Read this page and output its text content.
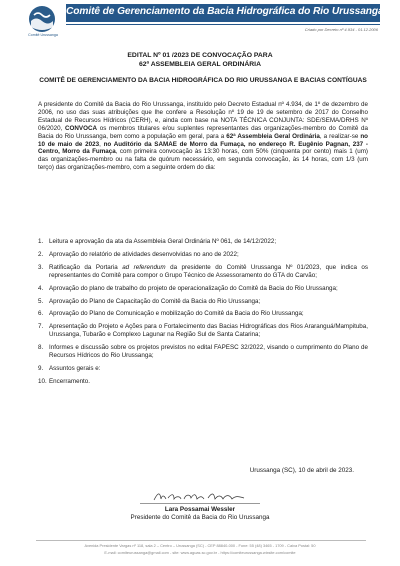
Comitê Urussanga
Comitê de Gerenciamento da Bacia Hidrográfica do Rio Urussanga
Criado por Decreto nº 4.934 - 01.12.2006
EDITAL Nº 01 /2023 DE CONVOCAÇÃO PARA
62ª ASSEMBLEIA GERAL ORDINÁRIA
COMITÊ DE GERENCIAMENTO DA BACIA HIDROGRÁFICA DO RIO URUSSANGA E BACIAS CONTÍGUAS

A presidente do Comitê da Bacia do Rio Urussanga, instituído pelo Decreto Estadual nº 4.934, de 1º de dezembro de 2006, no uso das suas atribuições que lhe confere a Resolução nº 19 de 19 de setembro de 2017 do Conselho Estadual de Recursos Hídricos (CERH), e, ainda com base na NOTA TÉCNICA CONJUNTA: SDE/SEMA/DRHS Nº 06/2020, CONVOCA os membros titulares e/ou suplentes representantes das organizações-membro do Comitê da Bacia do Rio Urussanga, bem como a população em geral, para a 62ª Assembleia Geral Ordinária, a realizar-se no 10 de maio de 2023, no Auditório da SAMAE de Morro da Fumaça, no endereço R. Eugênio Pagnan, 237 - Centro, Morro da Fumaça, com primeira convocação às 13:30 horas, com 50% (cinquenta por cento) mais 1 (um) das organizações-membro ou na falta de quórum necessário, em segunda convocação, às 14 horas, com 1/3 (um terço) das organizações-membro, com a seguinte ordem do dia:

1. Leitura e aprovação da ata da Assembleia Geral Ordinária Nº 061, de 14/12/2022;
2. Aprovação do relatório de atividades desenvolvidas no ano de 2022;
3. Ratificação da Portaria ad referendum da presidente do Comitê Urussanga Nº 01/2023, que indica os representantes do Comitê para compor o Grupo Técnico de Assessoramento do GTA do Carvão;
4. Aprovação do plano de trabalho do projeto de operacionalização do Comitê da Bacia do Rio Urussanga;
5. Aprovação do Plano de Capacitação do Comitê da Bacia do Rio Urussanga;
6. Aprovação do Plano de Comunicação e mobilização do Comitê da Bacia do Rio Urussanga;
7. Apresentação do Projeto e Ações para o Fortalecimento das Bacias Hidrográficas dos Rios Araranguá/Mampituba, Urussanga, Tubarão e Complexo Lagunar na Região Sul de Santa Catarina;
8. Informes e discussão sobre os projetos previstos no edital FAPESC 32/2022, visando o cumprimento do Plano de Recursos Hídricos do Rio Urussanga;
9. Assuntos gerais e:
10. Encerramento.
Urussanga (SC), 10 de abril de 2023.
Lara Possamai Wessler
Presidente do Comitê da Bacia do Rio Urussanga
Avenida Presidente Vargas nº 118, sala 2 – Centro – Urussanga (SC) - CEP 88840-000 - Fone: 55 (48) 3465 - 1709 - Caixa Postal: 50
E-mail: comiteurussanga@gmail.com - site: www.aguas.sc.gov.br - https://comiteurussanga.wixsite.com/comite
